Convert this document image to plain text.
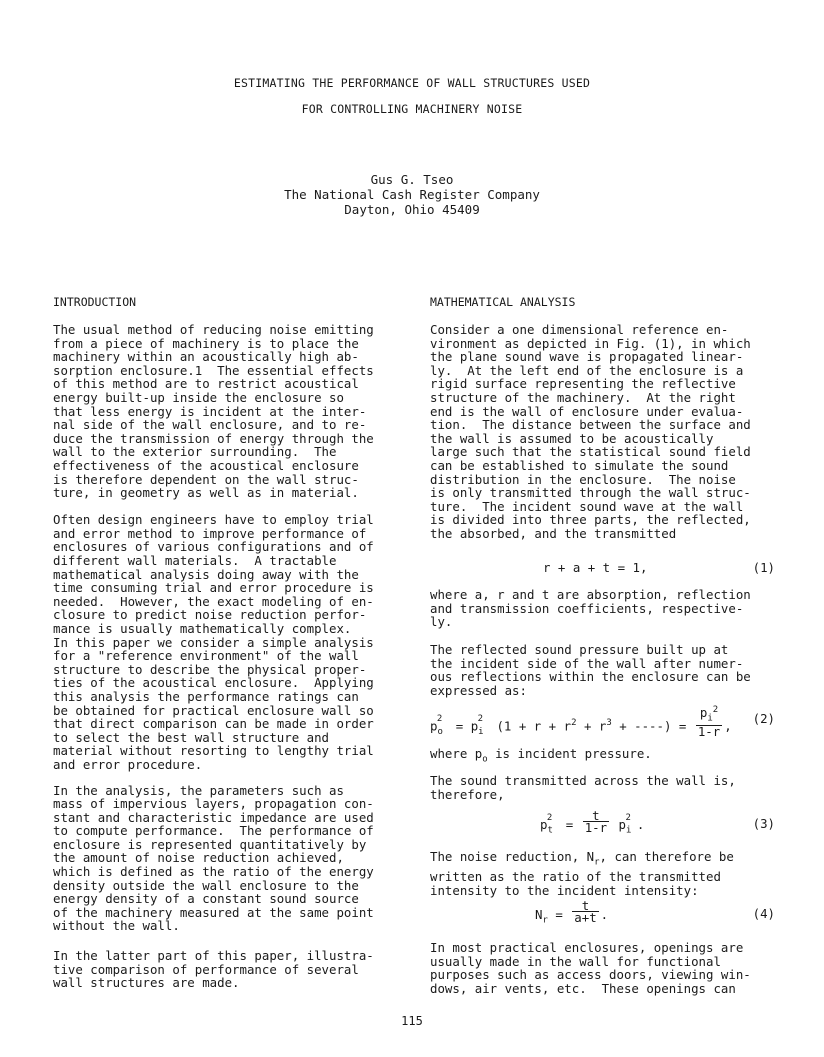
ESTIMATING THE PERFORMANCE OF WALL STRUCTURES USED
FOR CONTROLLING MACHINERY NOISE
Gus G. Tseo
The National Cash Register Company
Dayton, Ohio 45409
INTRODUCTION
The usual method of reducing noise emitting
from a piece of machinery is to place the
machinery within an acoustically high ab-
sorption enclosure.1  The essential effects
of this method are to restrict acoustical
energy built-up inside the enclosure so
that less energy is incident at the inter-
nal side of the wall enclosure, and to re-
duce the transmission of energy through the
wall to the exterior surrounding.  The
effectiveness of the acoustical enclosure
is therefore dependent on the wall struc-
ture, in geometry as well as in material.
Often design engineers have to employ trial
and error method to improve performance of
enclosures of various configurations and of
different wall materials.  A tractable
mathematical analysis doing away with the
time consuming trial and error procedure is
needed.  However, the exact modeling of en-
closure to predict noise reduction perfor-
mance is usually mathematically complex.
In this paper we consider a simple analysis
for a "reference environment" of the wall
structure to describe the physical proper-
ties of the acoustical enclosure.  Applying
this analysis the performance ratings can
be obtained for practical enclosure wall so
that direct comparison can be made in order
to select the best wall structure and
material without resorting to lengthy trial
and error procedure.
In the analysis, the parameters such as
mass of impervious layers, propagation con-
stant and characteristic impedance are used
to compute performance.  The performance of
enclosure is represented quantitatively by
the amount of noise reduction achieved,
which is defined as the ratio of the energy
density outside the wall enclosure to the
energy density of a constant sound source
of the machinery measured at the same point
without the wall.
In the latter part of this paper, illustra-
tive comparison of performance of several
wall structures are made.
MATHEMATICAL ANALYSIS
Consider a one dimensional reference en-
vironment as depicted in Fig. (1), in which
the plane sound wave is propagated linear-
ly.  At the left end of the enclosure is a
rigid surface representing the reflective
structure of the machinery.  At the right
end is the wall of enclosure under evalua-
tion.  The distance between the surface and
the wall is assumed to be acoustically
large such that the statistical sound field
can be established to simulate the sound
distribution in the enclosure.  The noise
is only transmitted through the wall struc-
ture.  The incident sound wave at the wall
is divided into three parts, the reflected,
the absorbed, and the transmitted
r + a + t = 1,	(1)
where a, r and t are absorption, reflection
and transmission coefficients, respective-
ly.
The reflected sound pressure built up at
the incident side of the wall after numer-
ous reflections within the enclosure can be
expressed as:
$p_o^2 = p_i^2$ ($1 + r + r^2 + r^3$ + ----) = $\frac{p_i^2}{1-r}$ , (2)
where $p_o$ is incident pressure.
The sound transmitted across the wall is,
therefore,
$p_t^2 = \frac{t}{1-r} p_i^2$ .	(3)
The noise reduction, $N_r$, can therefore be
written as the ratio of the transmitted
intensity to the incident intensity:
$N_r = \frac{t}{a+t}$ .	(4)
In most practical enclosures, openings are
usually made in the wall for functional
purposes such as access doors, viewing win-
dows, air vents, etc.  These openings can
115
